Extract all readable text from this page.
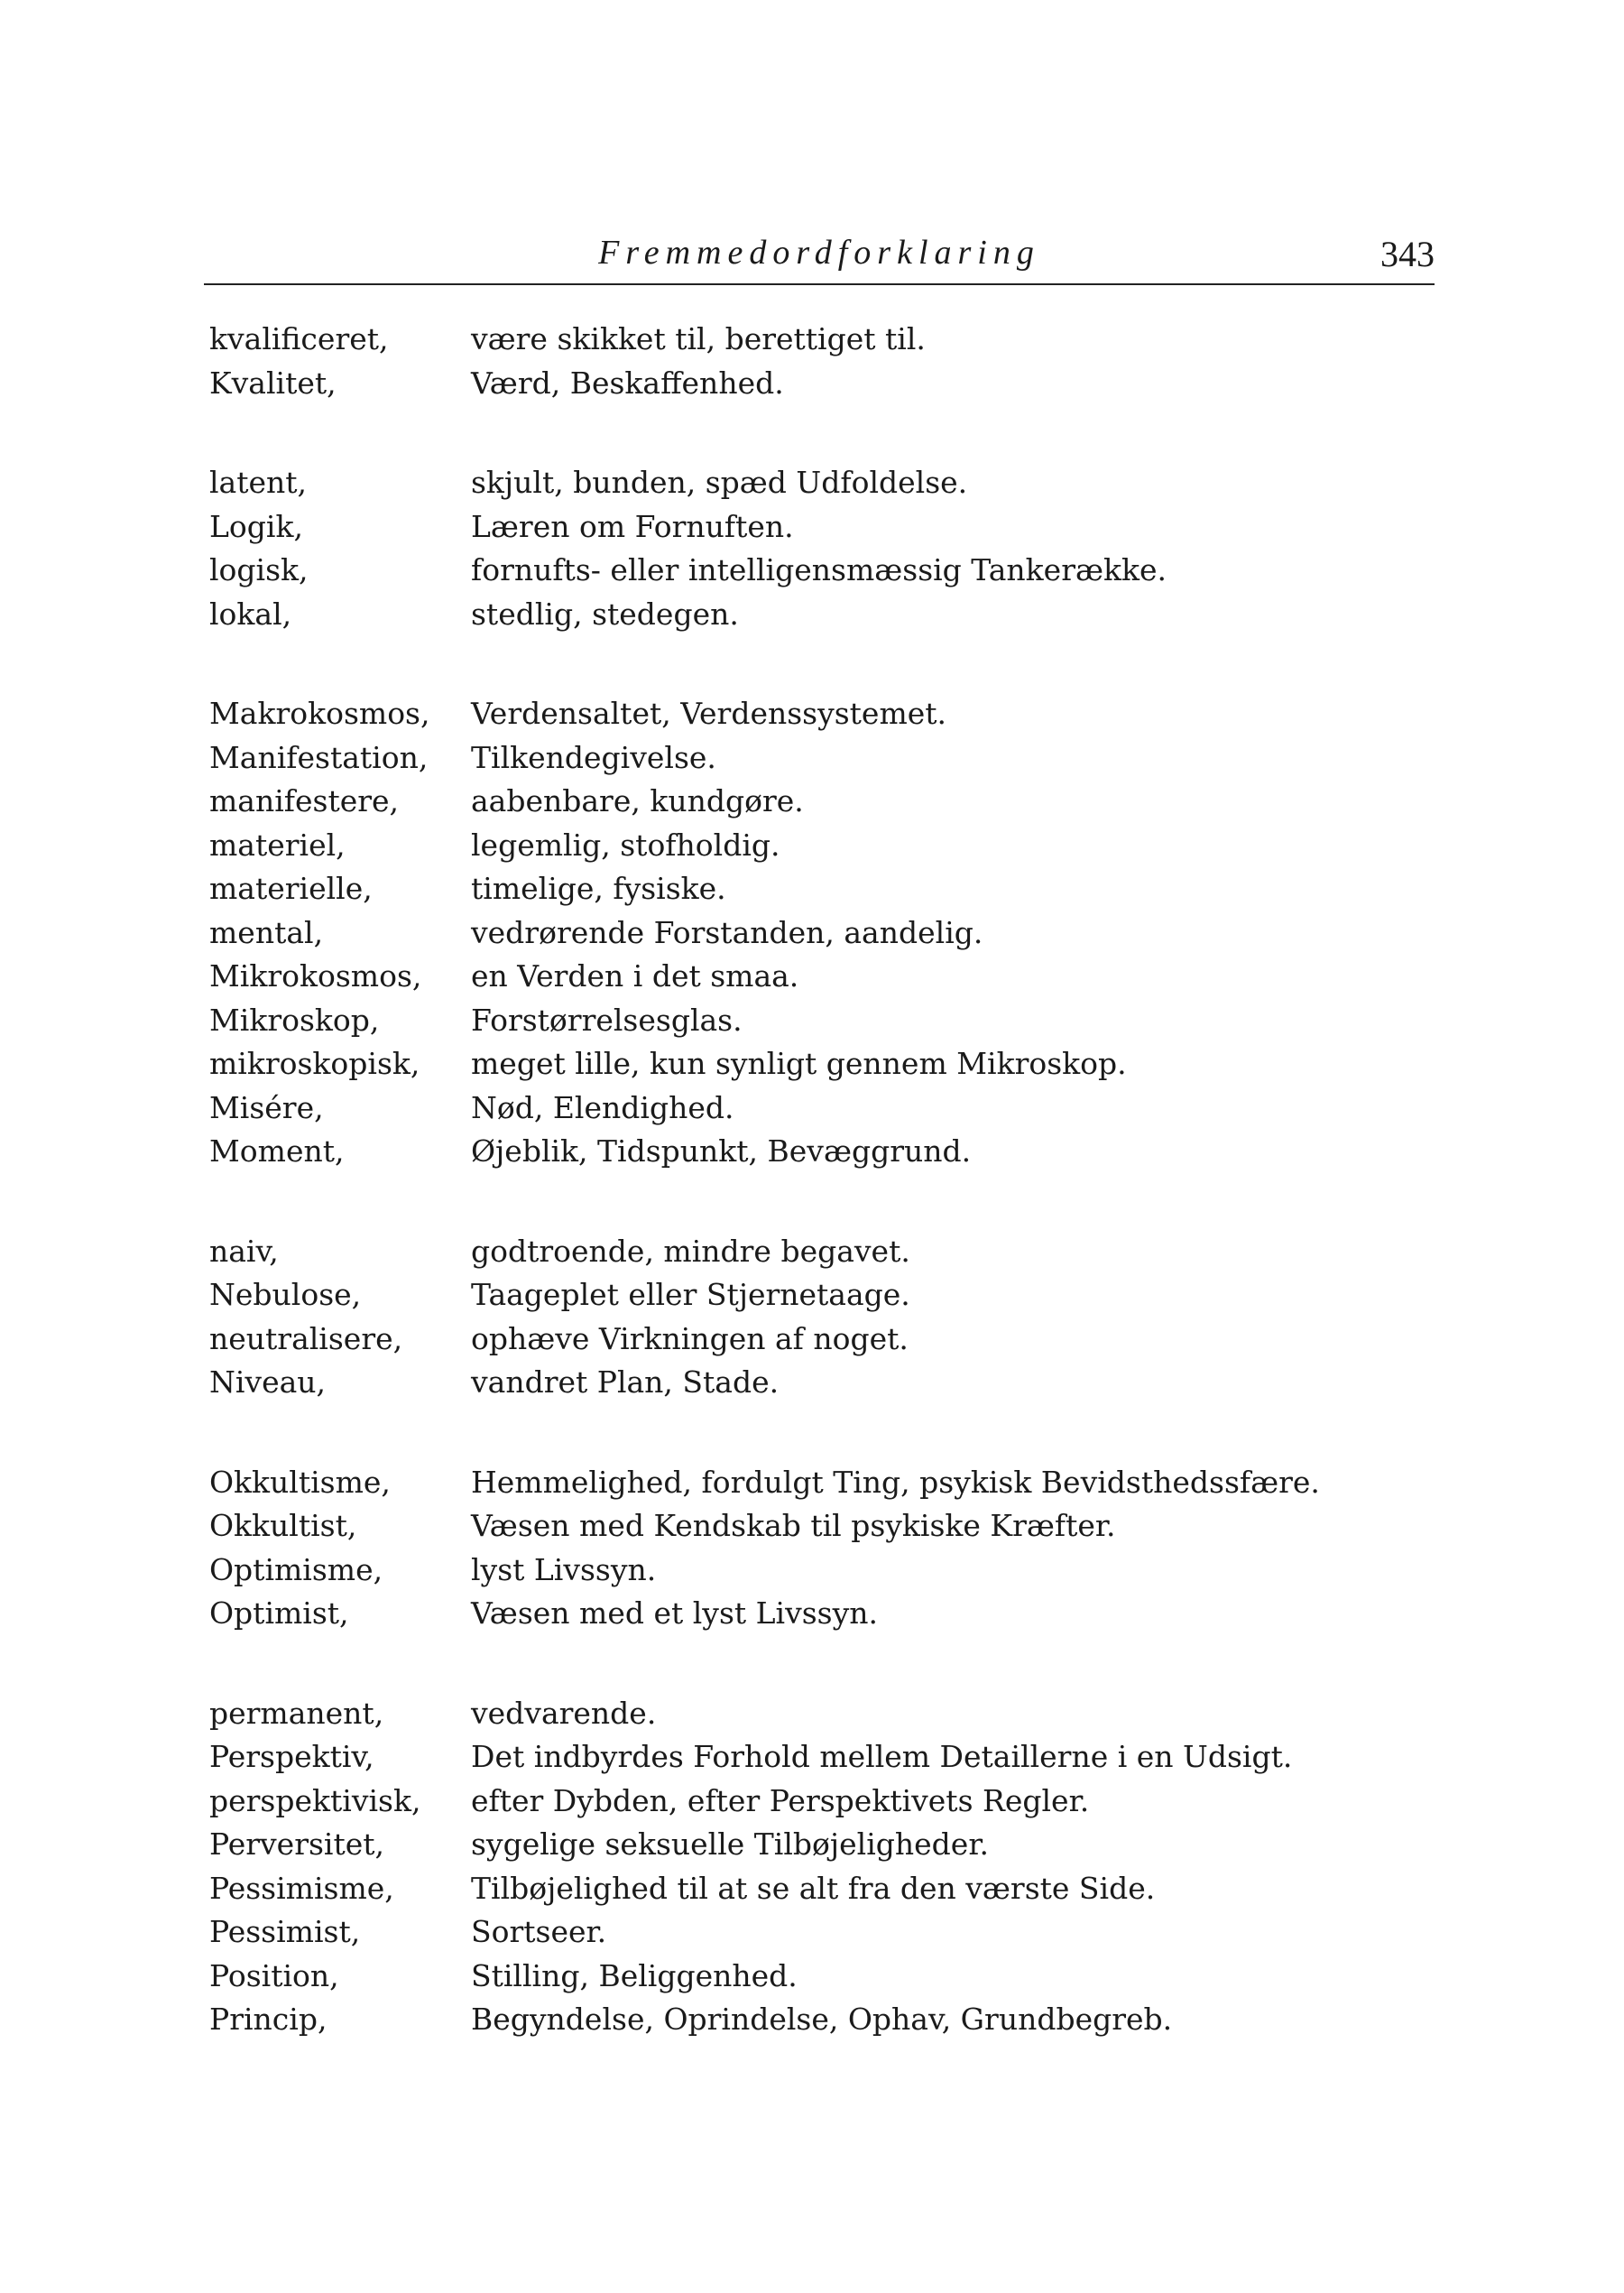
Fremmedordforklaring	343
kvalificeret,	være skikket til, berettiget til.
Kvalitet,	Værd, Beskaffenhed.
latent,	skjult, bunden, spæd Udfoldelse.
Logik,	Læren om Fornuften.
logisk,	fornufts- eller intelligensmæssig Tankerække.
lokal,	stedlig, stedegen.
Makrokosmos,	Verdensaltet, Verdenssystemet.
Manifestation,	Tilkendegivelse.
manifestere,	aabenbare, kundgøre.
materiel,	legemlig, stofholdig.
materielle,	timelige, fysiske.
mental,	vedrørende Forstanden, aandelig.
Mikrokosmos,	en Verden i det smaa.
Mikroskop,	Forstørrelsesglas.
mikroskopisk,	meget lille, kun synligt gennem Mikroskop.
Misére,	Nød, Elendighed.
Moment,	Øjeblik, Tidspunkt, Bevæggrund.
naiv,	godtroende, mindre begavet.
Nebulose,	Taageplet eller Stjernetaage.
neutralisere,	ophæve Virkningen af noget.
Niveau,	vandret Plan, Stade.
Okkultisme,	Hemmelighed, fordulgt Ting, psykisk Bevidsthedssfære.
Okkultist,	Væsen med Kendskab til psykiske Kræfter.
Optimisme,	lyst Livssyn.
Optimist,	Væsen med et lyst Livssyn.
permanent,	vedvarende.
Perspektiv,	Det indbyrdes Forhold mellem Detaillerne i en Udsigt.
perspektivisk,	efter Dybden, efter Perspektivets Regler.
Perversitet,	sygelige seksuelle Tilbøjeligheder.
Pessimisme,	Tilbøjelighed til at se alt fra den værste Side.
Pessimist,	Sortseer.
Position,	Stilling, Beliggenhed.
Princip,	Begyndelse, Oprindelse, Ophav, Grundbegreb.
